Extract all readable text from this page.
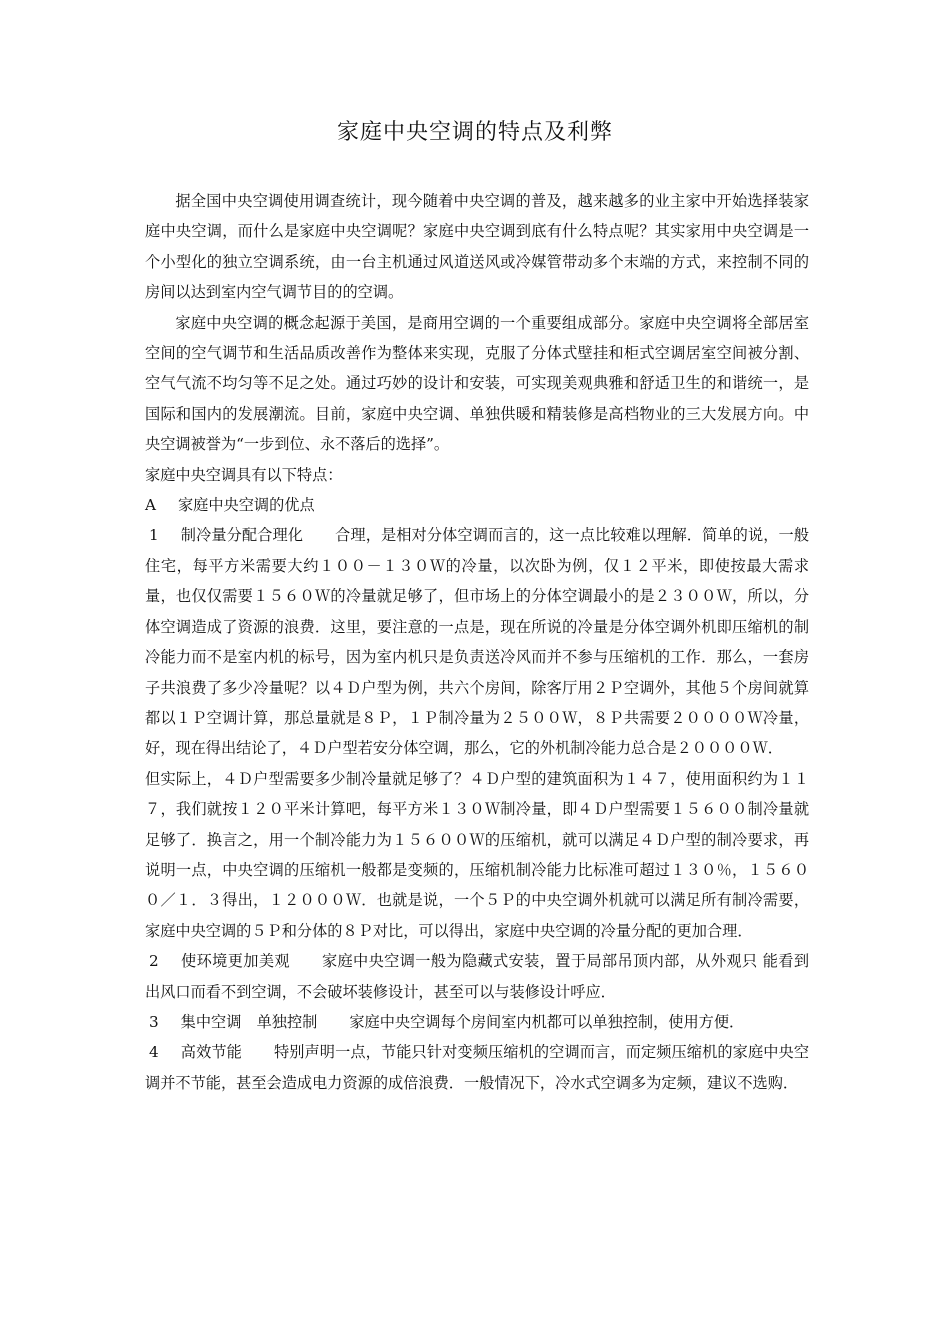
家庭中央空调的特点及利弊

据全国中央空调使用调查统计，现今随着中央空调的普及，越来越多的业主家中开始选择装家庭中央空调，而什么是家庭中央空调呢？家庭中央空调到底有什么特点呢？其实家用中央空调是一个小型化的独立空调系统，由一台主机通过风道送风或冷媒管带动多个末端的方式，来控制不同的房间以达到室内空气调节目的的空调。

家庭中央空调的概念起源于美国，是商用空调的一个重要组成部分。家庭中央空调将全部居室空间的空气调节和生活品质改善作为整体来实现，克服了分体式壁挂和柜式空调居室空间被分割、空气气流不均匀等不足之处。通过巧妙的设计和安装，可实现美观典雅和舒适卫生的和谐统一，是国际和国内的发展潮流。目前，家庭中央空调、单独供暖和精装修是高档物业的三大发展方向。中央空调被誉为“一步到位、永不落后的选择”。

家庭中央空调具有以下特点：

A 家庭中央空调的优点

1 制冷量分配合理化 合理，是相对分体空调而言的，这一点比较难以理解．简单的说，一般住宅，每平方米需要大约１００－１３０Ｗ的冷量，以次卧为例，仅１２平米，即使按最大需求量，也仅仅需要１５６０Ｗ的冷量就足够了，但市场上的分体空调最小的是２３００Ｗ，所以，分体空调造成了资源的浪费．这里，要注意的一点是，现在所说的冷量是分体空调外机即压缩机的制冷能力而不是室内机的标号，因为室内机只是负责送冷风而并不参与压缩机的工作．那么，一套房子共浪费了多少冷量呢？以４Ｄ户型为例，共六个房间，除客厅用２Ｐ空调外，其他５个房间就算都以１Ｐ空调计算，那总量就是８Ｐ，１Ｐ制冷量为２５００Ｗ，８Ｐ共需要２００００Ｗ冷量，好，现在得出结论了，４Ｄ户型若安分体空调，那么，它的外机制冷能力总合是２００００Ｗ．

但实际上，４Ｄ户型需要多少制冷量就足够了？４Ｄ户型的建筑面积为１４７，使用面积约为１１７，我们就按１２０平米计算吧，每平方米１３０Ｗ制冷量，即４Ｄ户型需要１５６００制冷量就足够了．换言之，用一个制冷能力为１５６００Ｗ的压缩机，就可以满足４Ｄ户型的制冷要求，再说明一点，中央空调的压缩机一般都是变频的，压缩机制冷能力比标准可超过１３０％，１５６００／１．３得出，１２０００Ｗ．也就是说，一个５Ｐ的中央空调外机就可以满足所有制冷需要，家庭中央空调的５Ｐ和分体的８Ｐ对比，可以得出，家庭中央空调的冷量分配的更加合理．

2 使环境更加美观 家庭中央空调一般为隐藏式安装，置于局部吊顶内部，从外观只 能看到出风口而看不到空调，不会破坏装修设计，甚至可以与装修设计呼应．

3 集中空调　单独控制 家庭中央空调每个房间室内机都可以单独控制，使用方便．

4 高效节能 特别声明一点，节能只针对变频压缩机的空调而言，而定频压缩机的家庭中央空调并不节能，甚至会造成电力资源的成倍浪费．一般情况下，冷水式空调多为定频，建议不选购．
